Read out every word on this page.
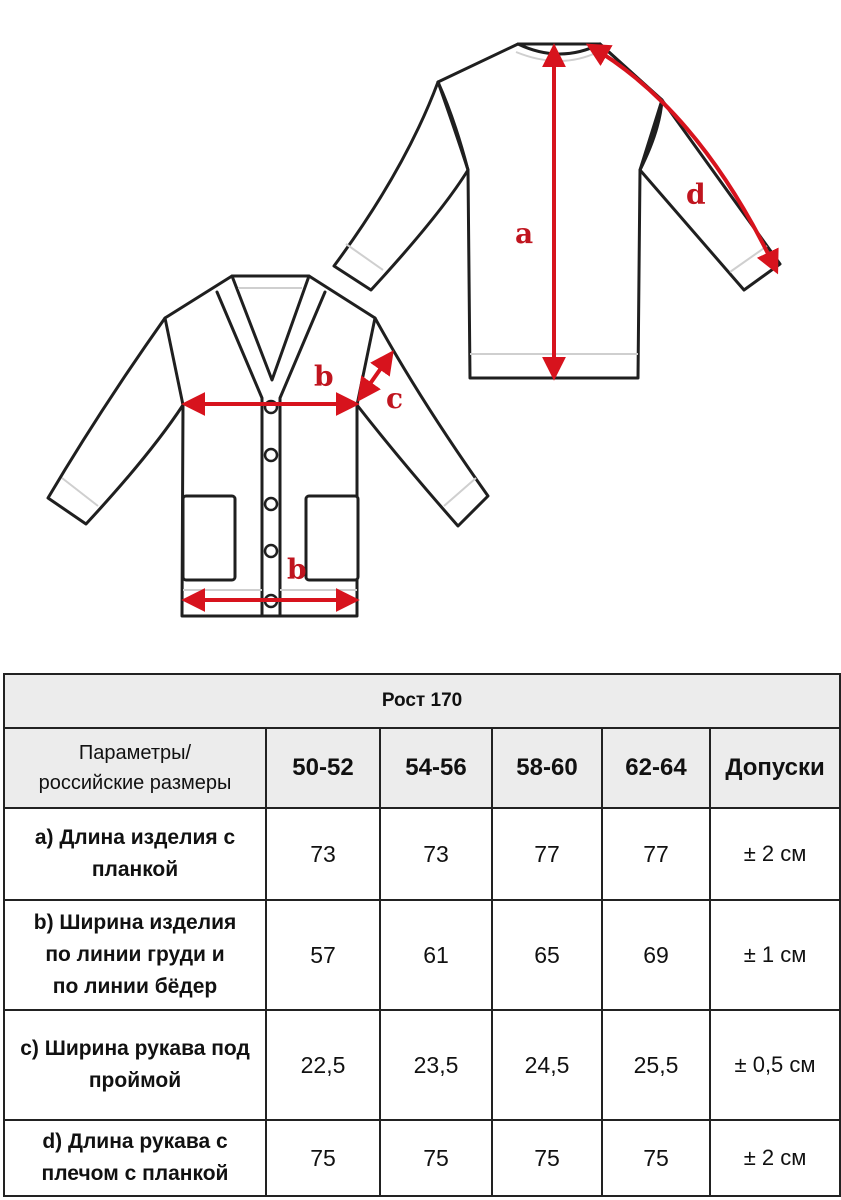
a
d
b
b
c
Рост 170					

Параметры/
российские размеры	50-52	54-56	58-60	62-64	Допуски

а) Длина изделия с
планкой	73	73	77	77	± 2 см

b) Ширина изделия
по линии груди и
по линии бёдер	57	61	65	69	± 1 см

c) Ширина рукава под
проймой	22,5	23,5	24,5	25,5	± 0,5 см

d) Длина рукава с
плечом с планкой	75	75	75	75	± 2 см
